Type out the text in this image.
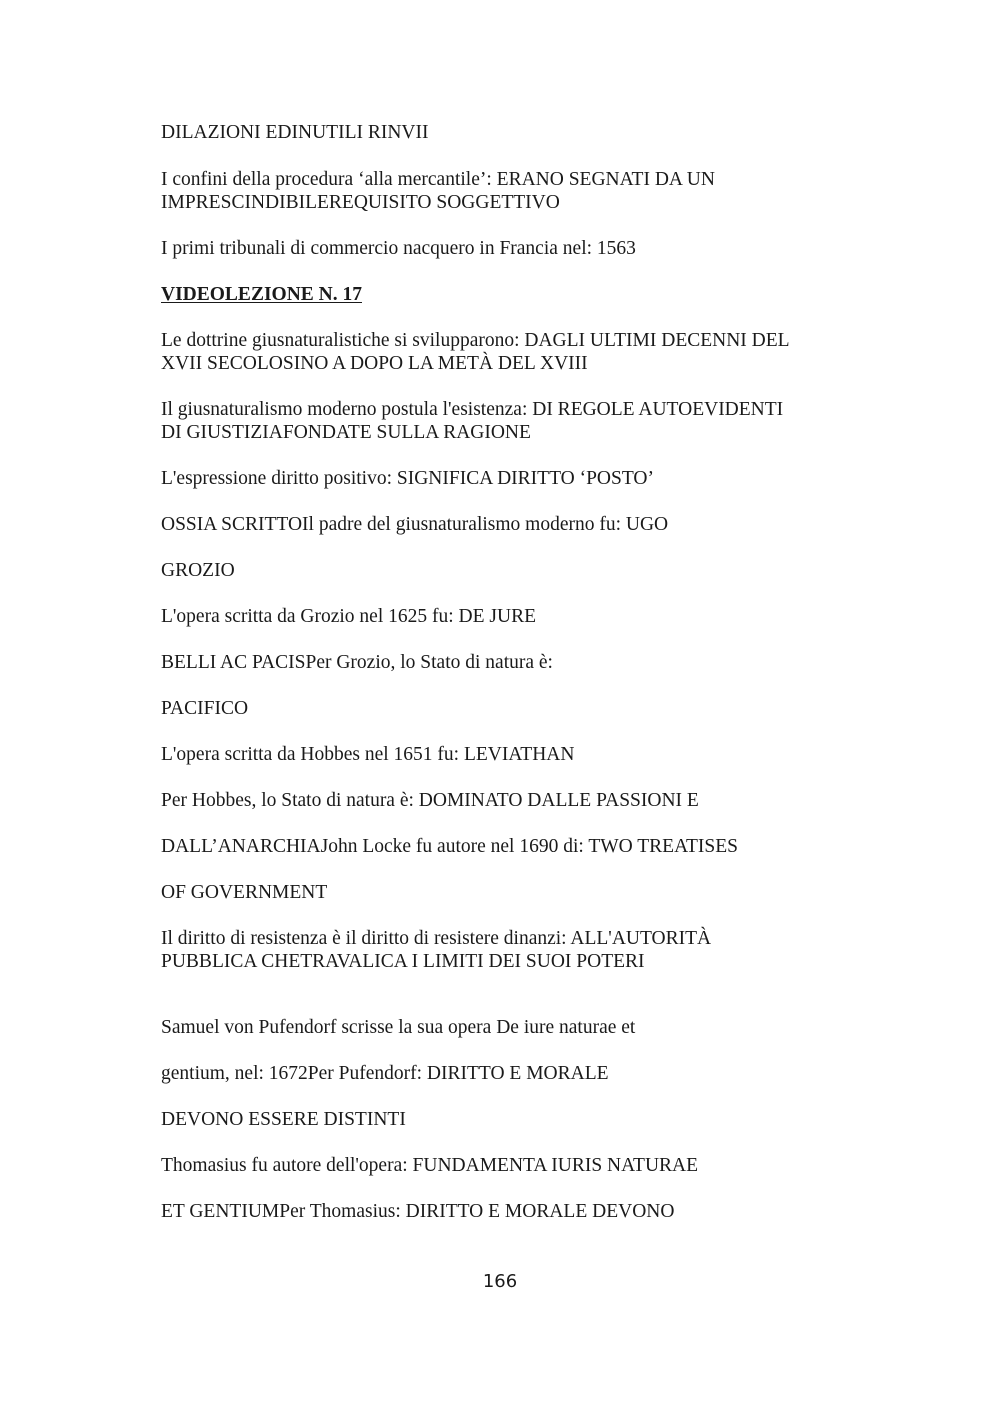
DILAZIONI EDINUTILI RINVII
I confini della procedura ‘alla mercantile’: ERANO SEGNATI DA UN
IMPRESCINDIBILEREQUISITO SOGGETTIVO
I primi tribunali di commercio nacquero in Francia nel: 1563
VIDEOLEZIONE N. 17
Le dottrine giusnaturalistiche si svilupparono: DAGLI ULTIMI DECENNI DEL
XVII SECOLOSINO A DOPO LA METÀ DEL XVIII
Il giusnaturalismo moderno postula l'esistenza: DI REGOLE AUTOEVIDENTI
DI GIUSTIZIAFONDATE SULLA RAGIONE
L'espressione diritto positivo: SIGNIFICA DIRITTO ‘POSTO’
OSSIA SCRITTOIl padre del giusnaturalismo moderno fu: UGO
GROZIO
L'opera scritta da Grozio nel 1625 fu: DE JURE
BELLI AC PACISPer Grozio, lo Stato di natura è:
PACIFICO
L'opera scritta da Hobbes nel 1651 fu: LEVIATHAN
Per Hobbes, lo Stato di natura è: DOMINATO DALLE PASSIONI E
DALL’ANARCHIAJohn Locke fu autore nel 1690 di: TWO TREATISES
OF GOVERNMENT
Il diritto di resistenza è il diritto di resistere dinanzi: ALL'AUTORITÀ
PUBBLICA CHETRAVALICA I LIMITI DEI SUOI POTERI
Samuel von Pufendorf scrisse la sua opera De iure naturae et
gentium, nel: 1672Per Pufendorf: DIRITTO E MORALE
DEVONO ESSERE DISTINTI
Thomasius fu autore dell'opera: FUNDAMENTA IURIS NATURAE
ET GENTIUMPer Thomasius: DIRITTO E MORALE DEVONO
166
